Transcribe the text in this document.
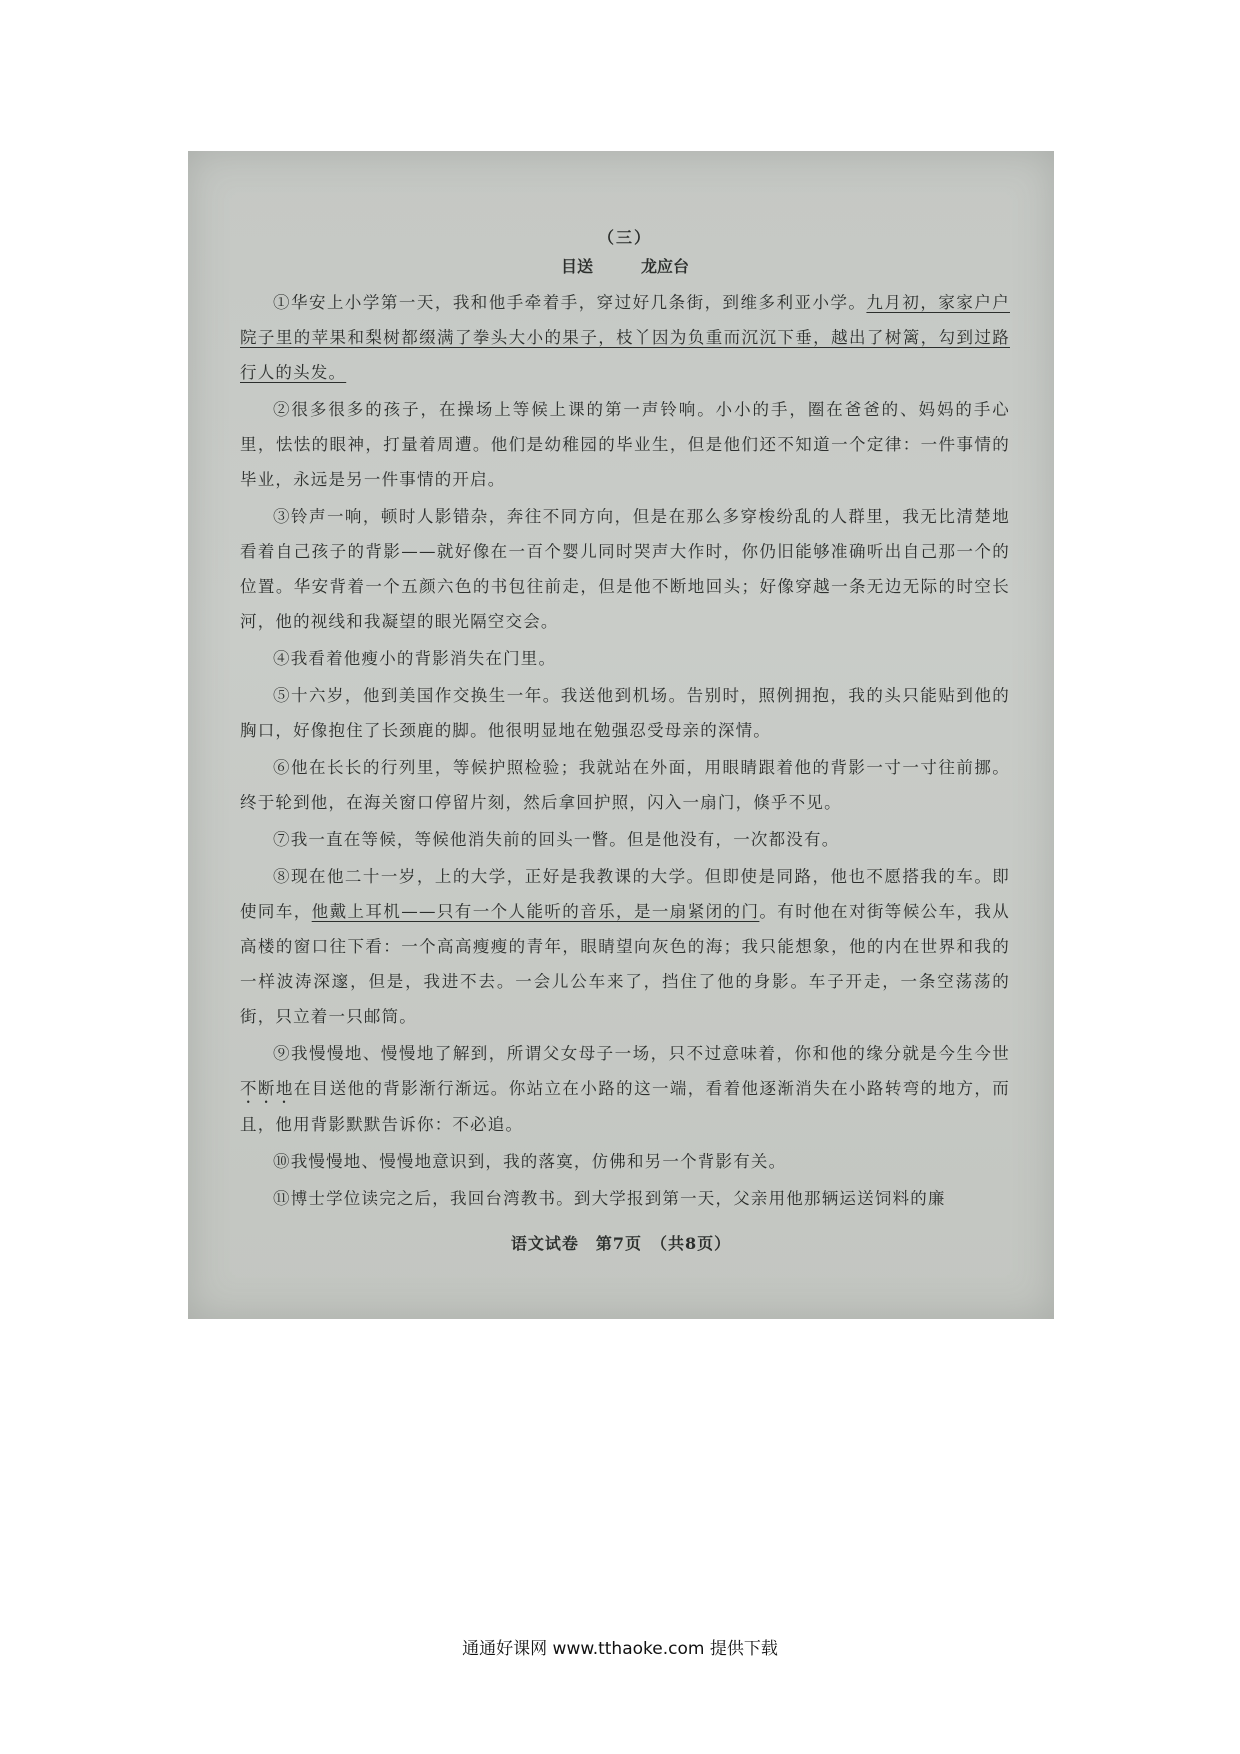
（三）
目送	龙应台

①华安上小学第一天，我和他手牵着手，穿过好几条街，到维多利亚小学。九月初，家家户户院子里的苹果和梨树都缀满了拳头大小的果子，枝丫因为负重而沉沉下垂，越出了树篱，勾到过路行人的头发。

②很多很多的孩子，在操场上等候上课的第一声铃响。小小的手，圈在爸爸的、妈妈的手心里，怯怯的眼神，打量着周遭。他们是幼稚园的毕业生，但是他们还不知道一个定律：一件事情的毕业，永远是另一件事情的开启。

③铃声一响，顿时人影错杂，奔往不同方向，但是在那么多穿梭纷乱的人群里，我无比清楚地看着自己孩子的背影——就好像在一百个婴儿同时哭声大作时，你仍旧能够准确听出自己那一个的位置。华安背着一个五颜六色的书包往前走，但是他不断地回头；好像穿越一条无边无际的时空长河，他的视线和我凝望的眼光隔空交会。

④我看着他瘦小的背影消失在门里。

⑤十六岁，他到美国作交换生一年。我送他到机场。告别时，照例拥抱，我的头只能贴到他的胸口，好像抱住了长颈鹿的脚。他很明显地在勉强忍受母亲的深情。

⑥他在长长的行列里，等候护照检验；我就站在外面，用眼睛跟着他的背影一寸一寸往前挪。终于轮到他，在海关窗口停留片刻，然后拿回护照，闪入一扇门，倏乎不见。

⑦我一直在等候，等候他消失前的回头一瞥。但是他没有，一次都没有。

⑧现在他二十一岁，上的大学，正好是我教课的大学。但即使是同路，他也不愿搭我的车。即使同车，他戴上耳机——只有一个人能听的音乐，是一扇紧闭的门。有时他在对街等候公车，我从高楼的窗口往下看：一个高高瘦瘦的青年，眼睛望向灰色的海；我只能想象，他的内在世界和我的一样波涛深邃，但是，我进不去。一会儿公车来了，挡住了他的身影。车子开走，一条空荡荡的街，只立着一只邮筒。

⑨我慢慢地、慢慢地了解到，所谓父女母子一场，只不过意味着，你和他的缘分就是今生今世不断地在目送他的背影渐行渐远。你站立在小路的这一端，看着他逐渐消失在小路转弯的地方，而且，他用背影默默告诉你：不必追。

⑩我慢慢地、慢慢地意识到，我的落寞，仿佛和另一个背影有关。

⑪博士学位读完之后，我回台湾教书。到大学报到第一天，父亲用他那辆运送饲料的廉

语文试卷　第7页　（共8页）
通通好课网 www.tthaoke.com 提供下载
